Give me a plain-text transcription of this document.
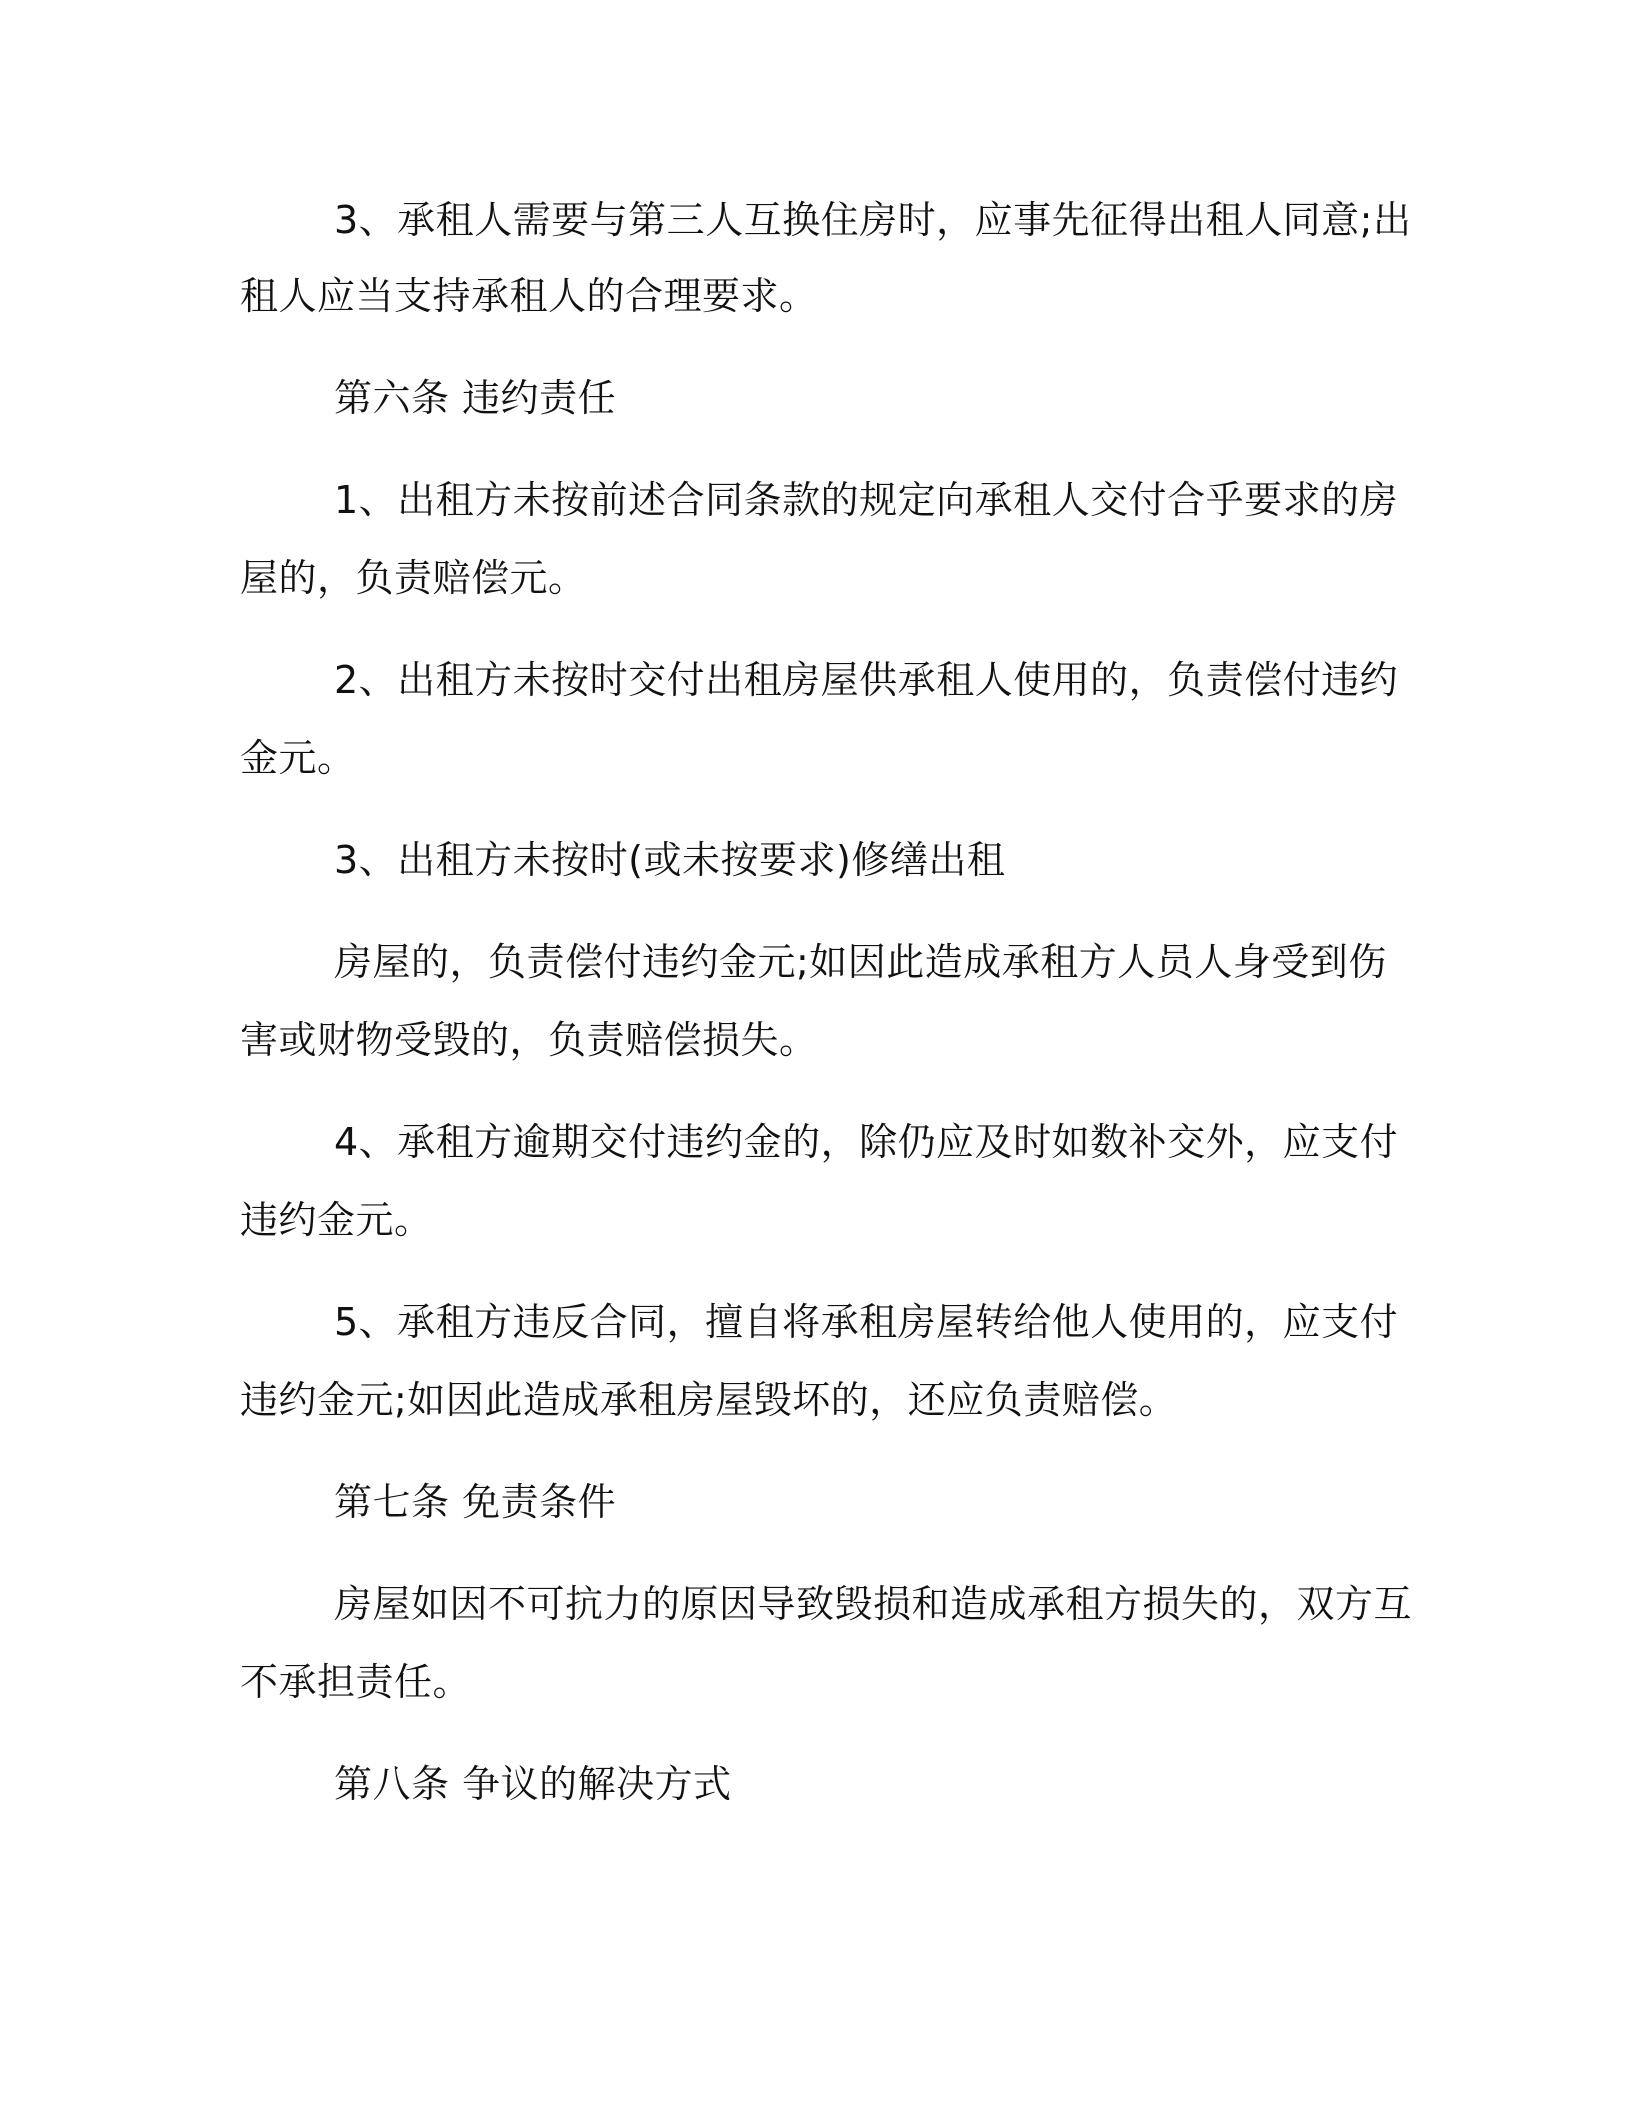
3、承租人需要与第三人互换住房时，应事先征得出租人同意;出
租人应当支持承租人的合理要求。
第六条 违约责任
1、出租方未按前述合同条款的规定向承租人交付合乎要求的房
屋的，负责赔偿元。
2、出租方未按时交付出租房屋供承租人使用的，负责偿付违约
金元。
3、出租方未按时(或未按要求)修缮出租
房屋的，负责偿付违约金元;如因此造成承租方人员人身受到伤
害或财物受毁的，负责赔偿损失。
4、承租方逾期交付违约金的，除仍应及时如数补交外，应支付
违约金元。
5、承租方违反合同，擅自将承租房屋转给他人使用的，应支付
违约金元;如因此造成承租房屋毁坏的，还应负责赔偿。
第七条 免责条件
房屋如因不可抗力的原因导致毁损和造成承租方损失的，双方互
不承担责任。
第八条 争议的解决方式
